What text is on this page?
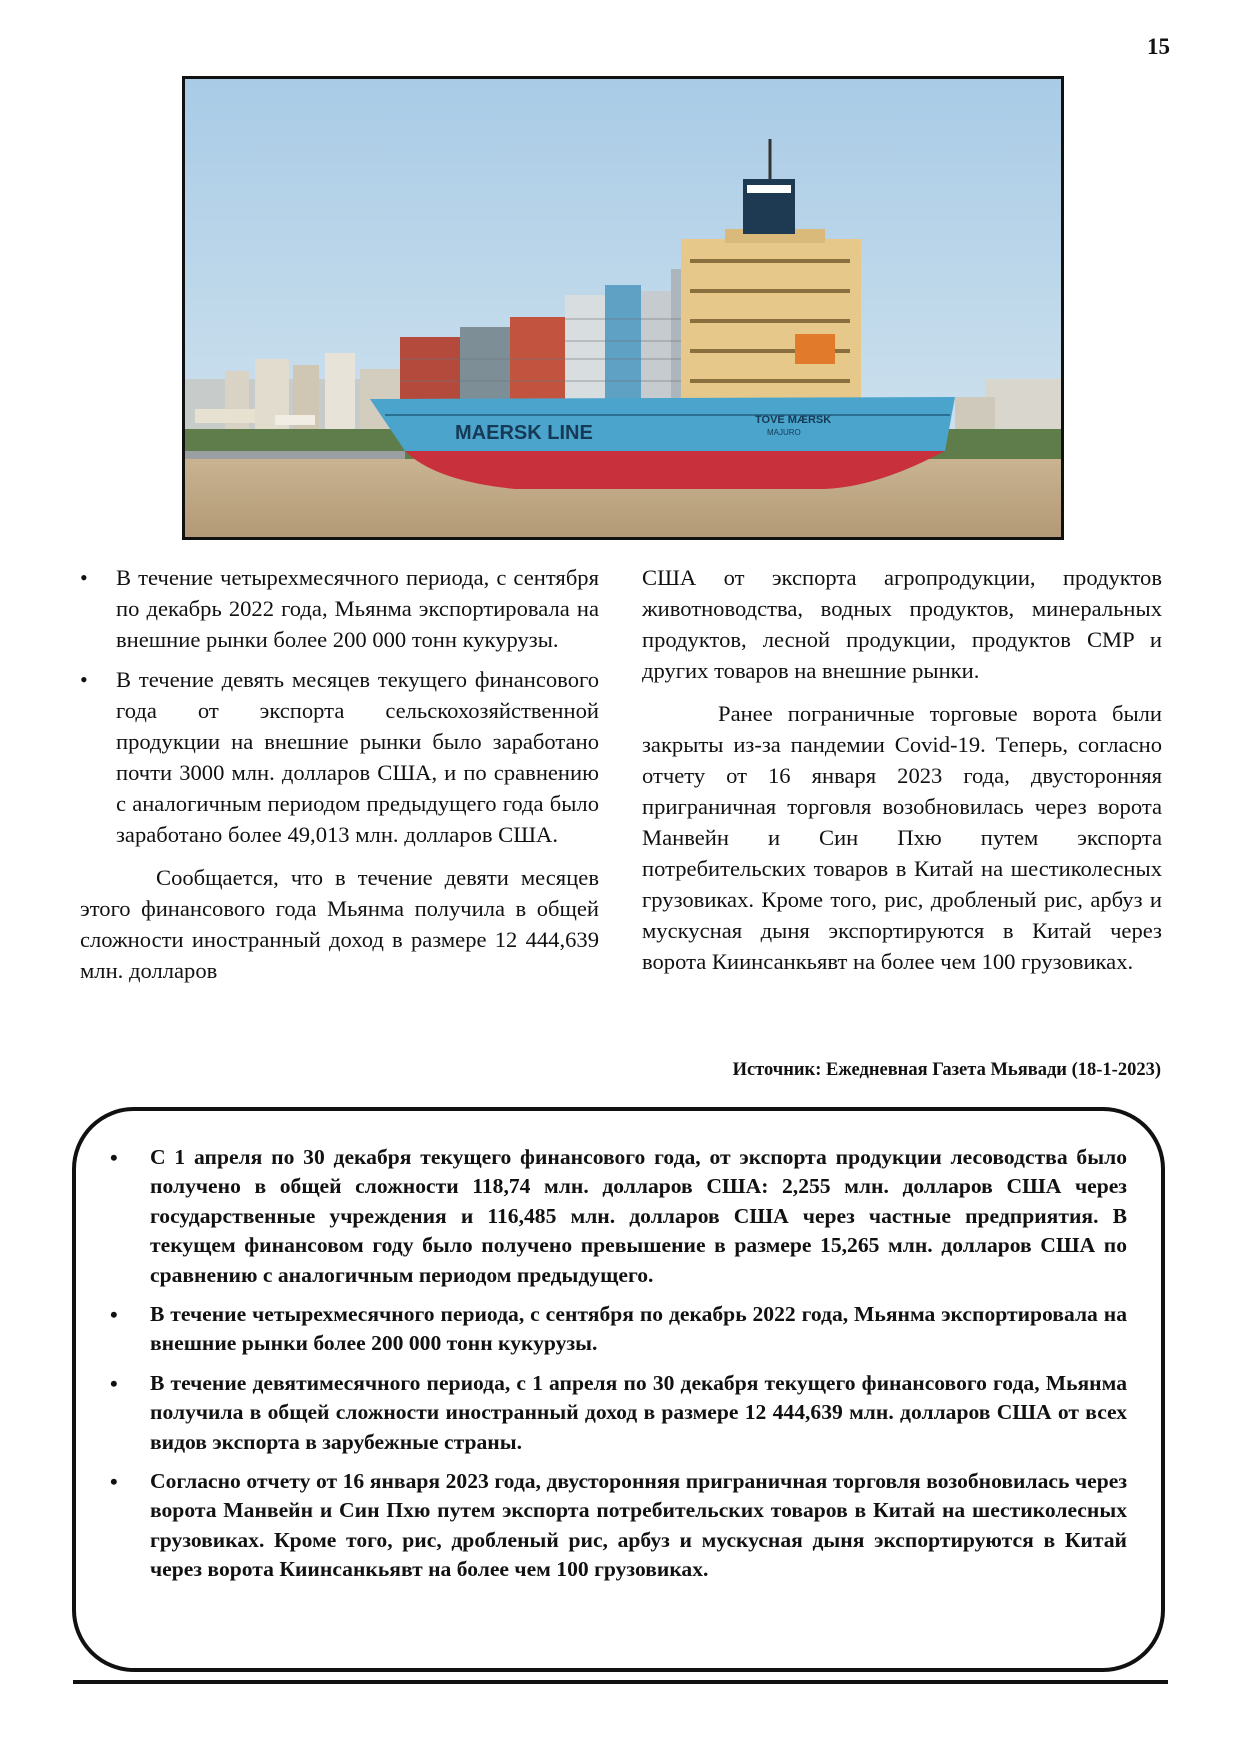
15
MAERSK LINE
TOVE MÆRSK
MAJURO
• В течение четырехмесячного периода, с сентября по декабрь 2022 года, Мьянма экспортировала на внешние рынки более 200 000 тонн кукурузы.
• В течение девять месяцев текущего финансового года от экспорта сельскохозяйственной продукции на внешние рынки было заработано почти 3000 млн. долларов США, и по сравнению с аналогичным периодом предыдущего года было заработано более 49,013 млн. долларов США.

Сообщается, что в течение девяти месяцев этого финансового года Мьянма получила в общей сложности иностранный доход в размере 12 444,639 млн. долларов

США от экспорта агропродукции, продуктов животноводства, водных продуктов, минеральных продуктов, лесной продукции, продуктов CMP и других товаров на внешние рынки.

Ранее пограничные торговые ворота были закрыты из-за пандемии Covid-19. Теперь, согласно отчету от 16 января 2023 года, двусторонняя приграничная торговля возобновилась через ворота Манвейн и Син Пхю путем экспорта потребительских товаров в Китай на шестиколесных грузовиках. Кроме того, рис, дробленый рис, арбуз и мускусная дыня экспортируются в Китай через ворота Киинсанкьявт на более чем 100 грузовиках.

Источник: Ежедневная Газета Мьявади (18-1-2023)
• С 1 апреля по 30 декабря текущего финансового года, от экспорта продукции лесоводства было получено в общей сложности 118,74 млн. долларов США: 2,255 млн. долларов США через государственные учреждения и 116,485 млн. долларов США через частные предприятия. В текущем финансовом году было получено превышение в размере 15,265 млн. долларов США по сравнению с аналогичным периодом предыдущего.
• В течение четырехмесячного периода, с сентября по декабрь 2022 года, Мьянма экспортировала на внешние рынки более 200 000 тонн кукурузы.
• В течение девятимесячного периода, с 1 апреля по 30 декабря текущего финансового года, Мьянма получила в общей сложности иностранный доход в размере 12 444,639 млн. долларов США от всех видов экспорта в зарубежные страны.
• Согласно отчету от 16 января 2023 года, двусторонняя приграничная торговля возобновилась через ворота Манвейн и Син Пхю путем экспорта потребительских товаров в Китай на шестиколесных грузовиках. Кроме того, рис, дробленый рис, арбуз и мускусная дыня экспортируются в Китай через ворота Киинсанкьявт на более чем 100 грузовиках.
